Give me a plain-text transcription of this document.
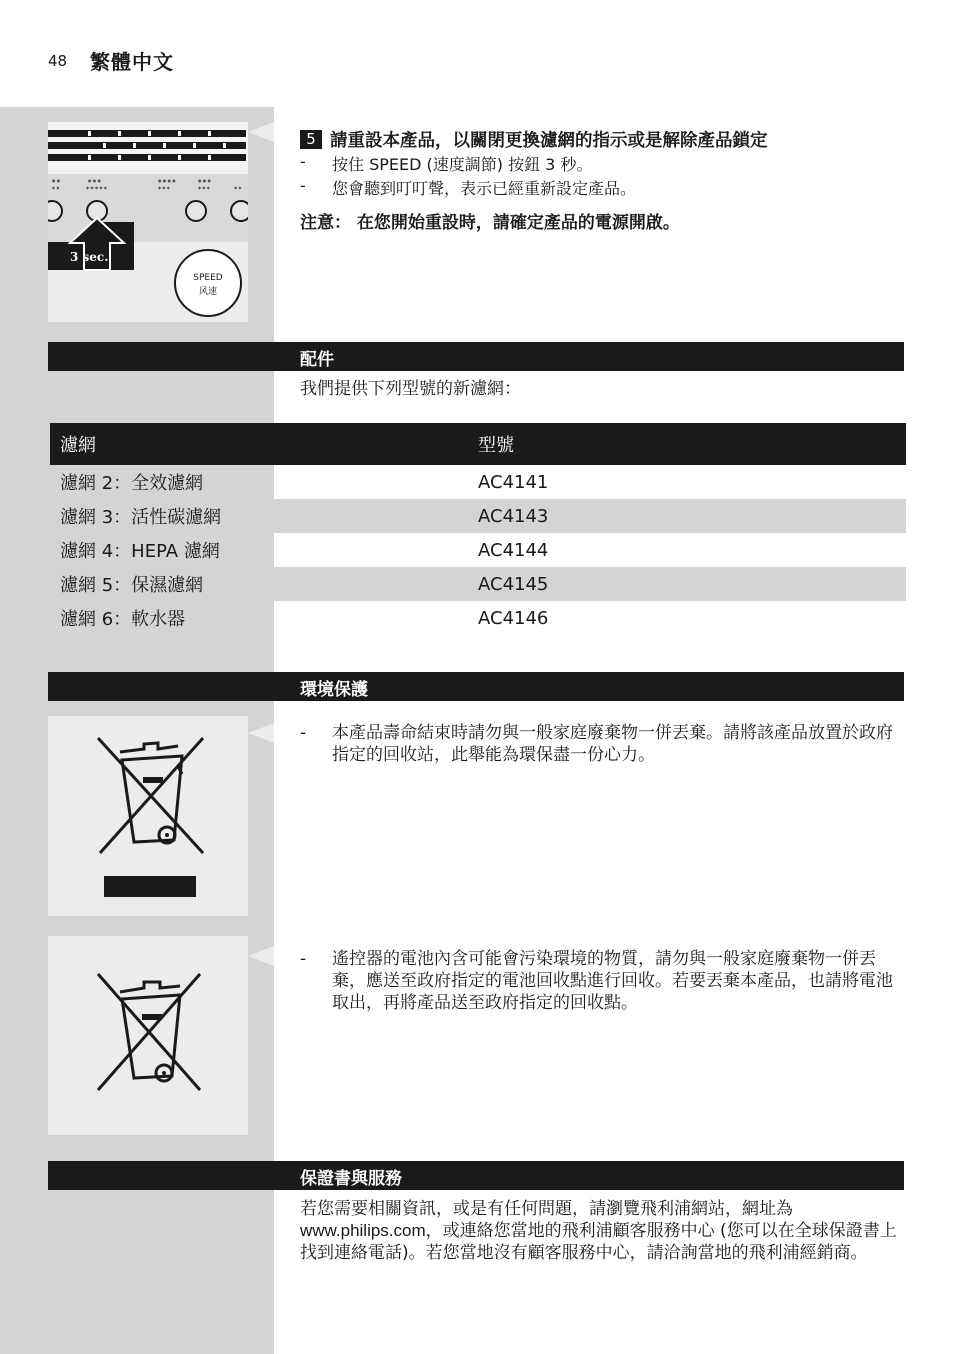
48 繁體中文
● ●	● ● ●	● ● ● ●	● ● ●
◆ ◆	◆-◆-◆-◆ ◆	◆ ◆ ◆	◆ ◆ ◆	◆ ◆
3 sec.
SPEED
风速
5 請重設本產品，以關閉更換濾網的指示或是解除產品鎖定
-	按住 SPEED (速度調節) 按鈕 3 秒。
-	您會聽到叮叮聲，表示已經重新設定產品。
注意： 在您開始重設時，請確定產品的電源開啟。
配件
我們提供下列型號的新濾網：
濾網	型號
濾網 2：全效濾網	AC4141
濾網 3：活性碳濾網	AC4143
濾網 4：HEPA 濾網	AC4144
濾網 5：保濕濾網	AC4145
濾網 6：軟水器	AC4146
環境保護
-	本產品壽命結束時請勿與一般家庭廢棄物一併丟棄。請將該產品放置於政府指定的回收站，此舉能為環保盡一份心力。
-	遙控器的電池內含可能會污染環境的物質，請勿與一般家庭廢棄物一併丟棄，應送至政府指定的電池回收點進行回收。若要丟棄本產品，也請將電池取出，再將產品送至政府指定的回收點。
保證書與服務
若您需要相關資訊，或是有任何問題，請瀏覽飛利浦網站，網址為www.philips.com，或連絡您當地的飛利浦顧客服務中心 (您可以在全球保證書上找到連絡電話)。若您當地沒有顧客服務中心，請洽詢當地的飛利浦經銷商。
